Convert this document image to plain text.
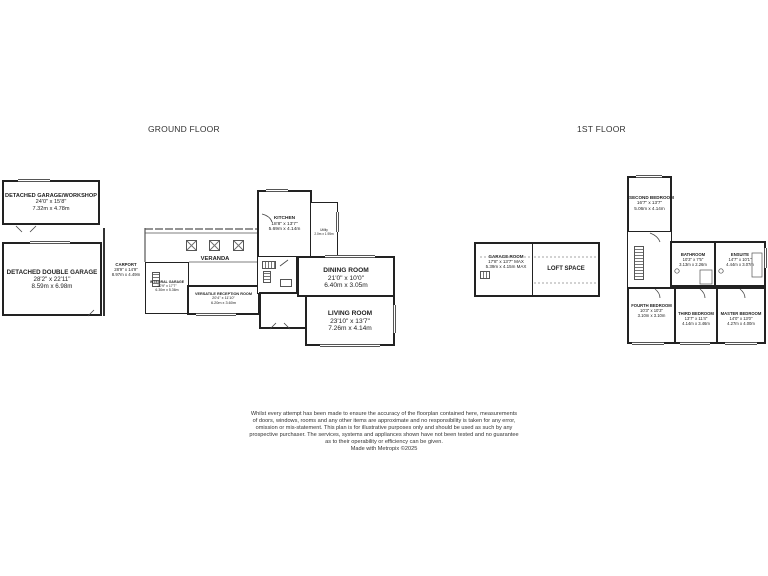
GROUND FLOOR	1ST FLOOR
DETACHED GARAGE/WORKSHOP
24'0" x 15'8"
7.32m x 4.78m
DETACHED DOUBLE GARAGE
28'2" x 22'11"
8.59m x 6.98m
CARPORT
28'9" x 14'9"
8.97m x 4.49m
VERANDA
INTEGRAL GARAGE
20'9" x 17'7"
6.30m x 5.36m
VERSATILE RECEPTION ROOM
20'4" x 11'10"
6.20m x 3.60m
KITCHEN
18'8" x 13'7"
5.69m x 4.14m	Utility
2.0m x 1.95m
DINING ROOM
21'0" x 10'0"
6.40m x 3.05m
LIVING ROOM
23'10" x 13'7"
7.26m x 4.14m
GARAGE ROOM
17'8" x 13'7" MAX
5.39m x 4.15m MAX	LOFT SPACE
SECOND BEDROOM
16'7" x 13'7"
5.06m x 4.14m
BATHROOM
10'3" x 7'5"
3.13m x 2.26m
ENSUITE
14'7" x 10'1"
4.44m x 3.07m
FOURTH BEDROOM
10'3" x 10'3"
3.10m x 3.10m	THIRD BEDROOM
13'7" x 11'4"
4.14m x 3.46m
MASTER BEDROOM
14'0" x 13'0"
4.27m x 4.00m
Whilst every attempt has been made to ensure the accuracy of the floorplan contained here, measurements
of doors, windows, rooms and any other items are approximate and no responsibility is taken for any error,
omission or mis-statement. This plan is for illustrative purposes only and should be used as such by any
prospective purchaser. The services, systems and appliances shown have not been tested and no guarantee
as to their operability or efficiency can be given.
Made with Metropix ©2025
